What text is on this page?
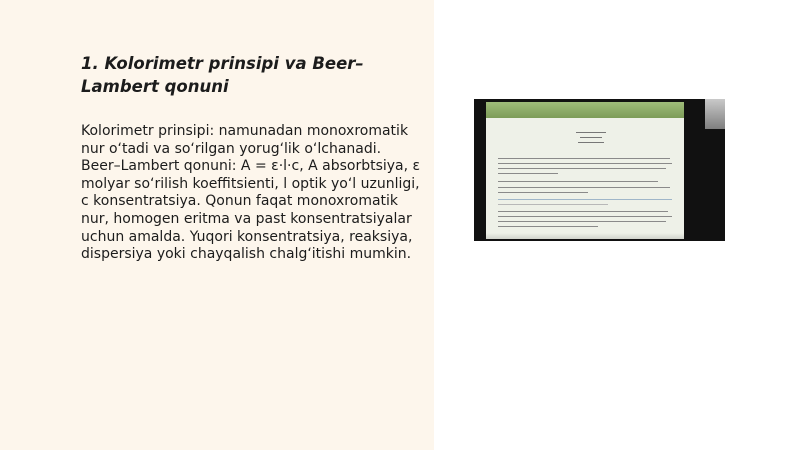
1. Kolorimetr prinsipi va Beer–Lambert qonuni

Kolorimetr prinsipi: namunadan monoxromatik nur o‘tadi va so‘rilgan yorug‘lik o‘lchanadi. Beer–Lambert qonuni: A = ε·l·c, A absorbtsiya, ε molyar so‘rilish koeffitsienti, l optik yo‘l uzunligi, c konsentratsiya. Qonun faqat monoxromatik nur, homogen eritma va past konsentratsiyalar uchun amalda. Yuqori konsentratsiya, reaksiya, dispersiya yoki chayqalish chalg‘itishi mumkin.
